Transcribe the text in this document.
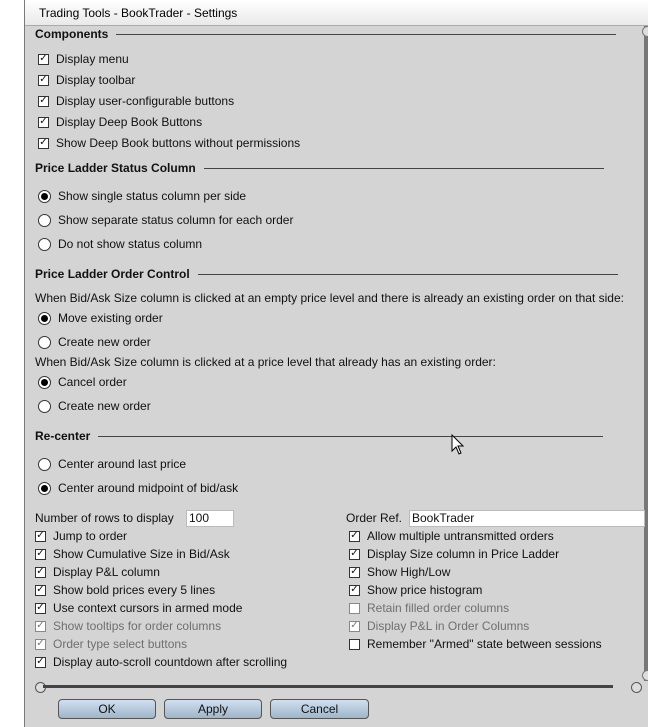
Trading Tools - BookTrader - Settings
Components
✓ Display menu
✓ Display toolbar
✓ Display user-configurable buttons
✓ Display Deep Book Buttons
✓ Show Deep Book buttons without permissions
Price Ladder Status Column
Show single status column per side
Show separate status column for each order
Do not show status column
Price Ladder Order Control
When Bid/Ask Size column is clicked at an empty price level and there is already an existing order on that side:
Move existing order
Create new order
When Bid/Ask Size column is clicked at a price level that already has an existing order:
Cancel order
Create new order
Re-center
Center around last price
Center around midpoint of bid/ask
Number of rows to display 100	Order Ref. BookTrader
✓ Jump to order
✓ Show Cumulative Size in Bid/Ask
✓ Display P&L column
✓ Show bold prices every 5 lines
✓ Use context cursors in armed mode
✓ Show tooltips for order columns
✓ Order type select buttons
✓ Display auto-scroll countdown after scrolling
✓ Allow multiple untransmitted orders
✓ Display Size column in Price Ladder
✓ Show High/Low
✓ Show price histogram
Retain filled order columns
✓ Display P&L in Order Columns
Remember "Armed" state between sessions
OK	Apply	Cancel
